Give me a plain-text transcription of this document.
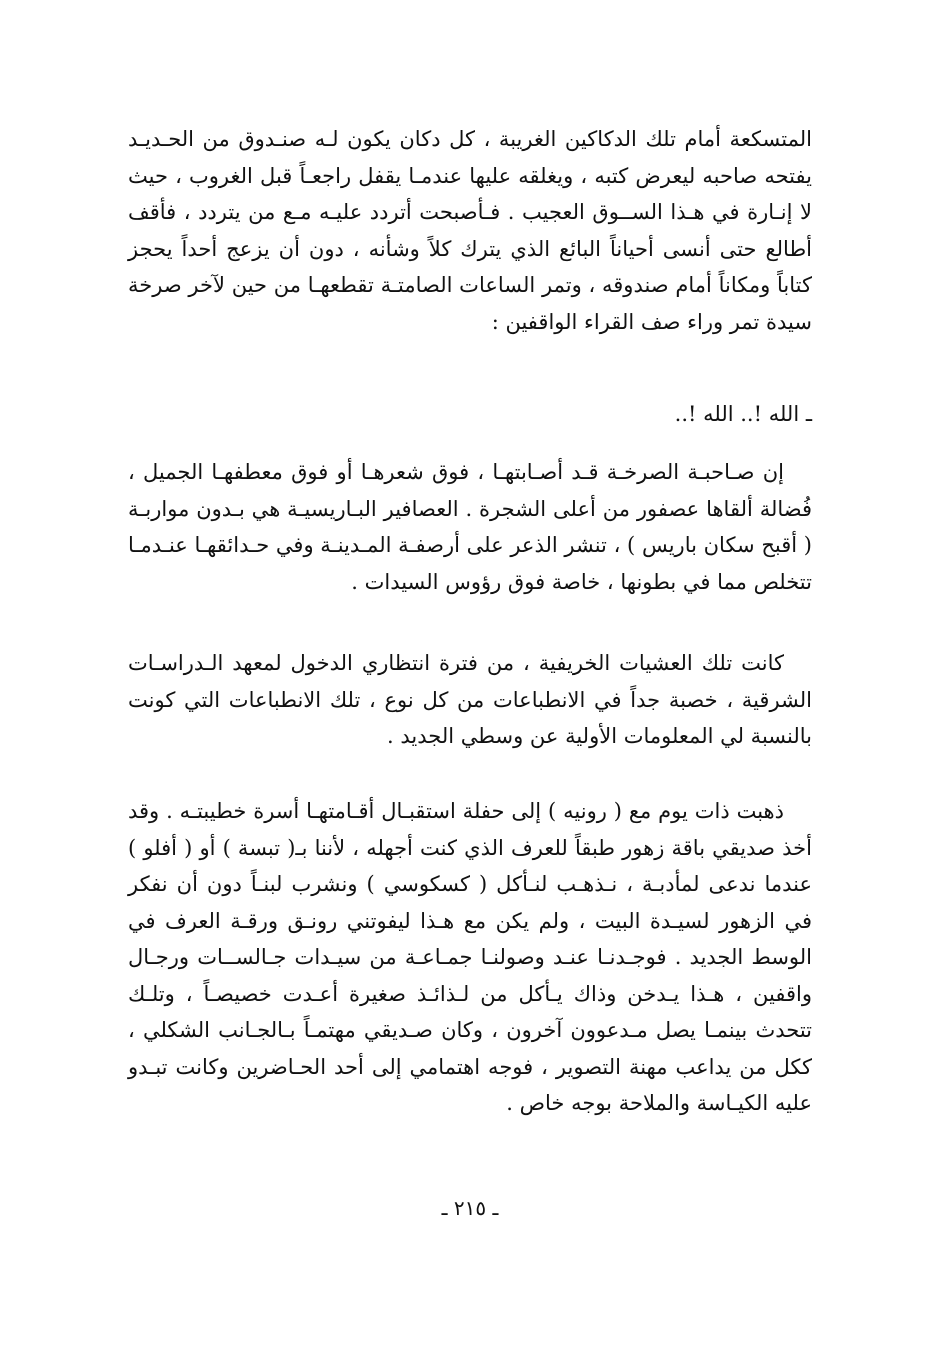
المتسكعة أمام تلك الدكاكين الغريبة ، كل دكان يكون لـه صنـدوق من الحـديـد يفتحه صاحبه ليعرض كتبه ، ويغلقه عليها عندمـا يقفل راجعـاً قبل الغروب ، حيث لا إنـارة في هـذا الســوق العجيب . فـأصبحت أتردد عليـه مـع من يتردد ، فأقف أطالع حتى أنسى أحياناً البائع الذي يترك كلاً وشأنه ، دون أن يزعج أحداً يحجز كتاباً ومكاناً أمام صندوقه ، وتمر الساعات الصامتـة تقطعهـا من حين لآخر صرخة سيدة تمر وراء صف القراء الواقفين :

ـ الله !.. الله !..

إن صـاحبـة الصرخـة قـد أصـابتهـا ، فوق شعرهـا أو فوق معطفهـا الجميل ، فُضالة ألقاها عصفور من أعلى الشجرة . العصافير البـاريسيـة هي بـدون مواربـة ( أقبح سكان باريس ) ، تنشر الذعر على أرصفـة المـدينـة وفي حـدائقهـا عنـدمـا تتخلص مما في بطونها ، خاصة فوق رؤوس السيدات .

كانت تلك العشيات الخريفية ، من فترة انتظاري الدخول لمعهد الـدراسـات الشرقية ، خصبة جداً في الانطباعات من كل نوع ، تلك الانطباعات التي كونت بالنسبة لي المعلومات الأولية عن وسطي الجديد .

ذهبت ذات يوم مع ( رونيه ) إلى حفلة استقبـال أقـامتهـا أسرة خطيبتـه . وقد أخذ صديقي باقة زهور طبقاً للعرف الذي كنت أجهله ، لأننا بـ( تبسة ) أو ( أفلو ) عندما ندعى لمأدبـة ، نـذهـب لنـأكل ( كسكوسي ) ونشرب لبنـاً دون أن نفكر في الزهور لسيـدة البيت ، ولم يكن مع هـذا ليفوتني رونـق ورقـة العرف في الوسط الجديد . فوجـدنـا عنـد وصولنـا جمـاعـة من سيـدات جـالســات ورجـال واقفين ، هـذا يـدخن وذاك يـأكل من لـذائـذ صغيرة أعـدت خصيصـاً ، وتلـك تتحدث بينمـا يصل مـدعوون آخرون ، وكان صـديقي مهتمـاً بـالجـانب الشكلي ، ككل من يداعب مهنة التصوير ، فوجه اهتمامي إلى أحد الحـاضرين وكانت تبـدو عليه الكيـاسة والملاحة بوجه خاص .

ـ ٢١٥ ـ
